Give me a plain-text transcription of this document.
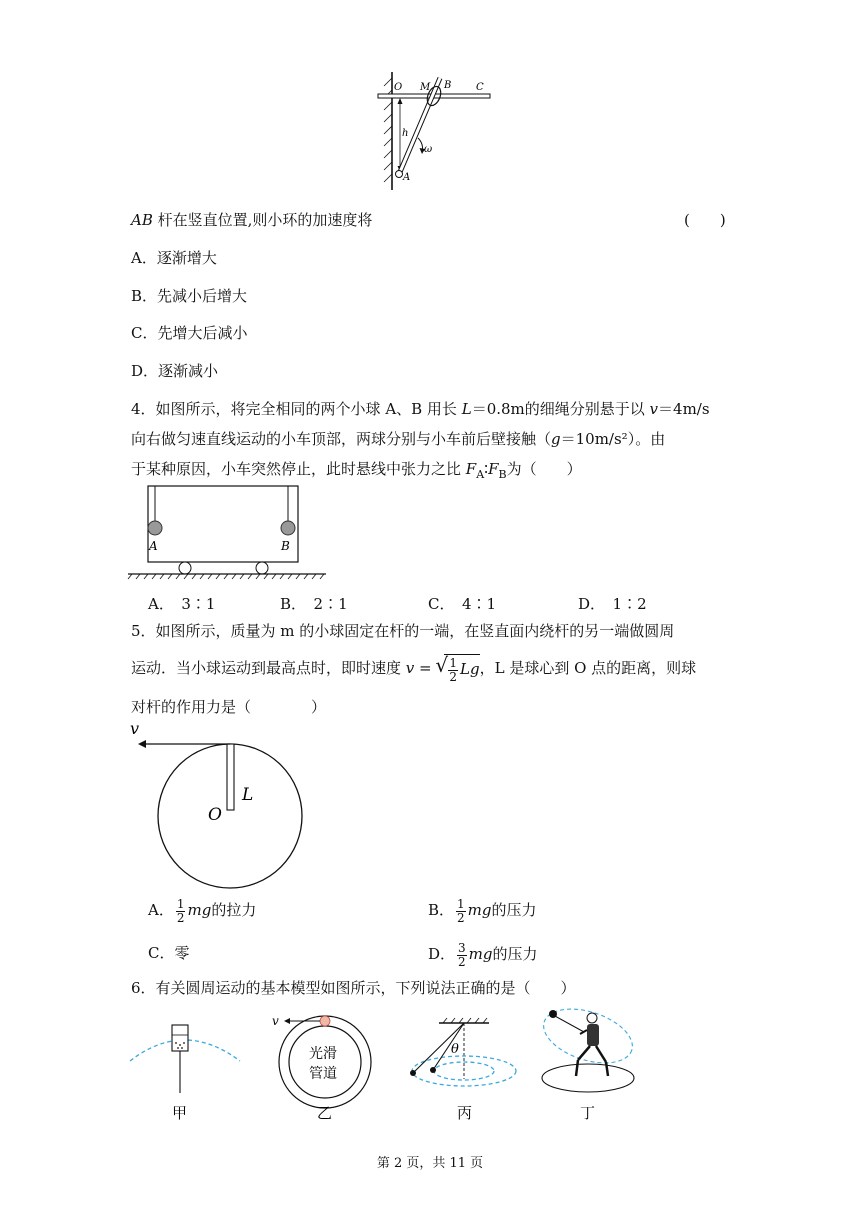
O M B C
h
ω
A
AB 杆在竖直位置,则小环的加速度将	(　　)
A．逐渐增大
B．先减小后增大
C．先增大后减小
D．逐渐减小
4．如图所示，将完全相同的两个小球 A、B 用长 L＝0.8m的细绳分别悬于以 v＝4m/s
向右做匀速直线运动的小车顶部，两球分别与小车前后壁接触（g＝10m/s²）。由
于某种原因，小车突然停止，此时悬线中张力之比 $F_A∶F_B$为（　　）
A	B
A．　3∶1	B．　2∶1	C．　4∶1	D．　1∶2
5．如图所示，质量为 m 的小球固定在杆的一端，在竖直面内绕杆的另一端做圆周
运动．当小球运动到最高点时，即时速度 v = √ $\frac{1}{2}$ Lg，L 是球心到 O 点的距离，则球
对杆的作用力是（　　　　）
v
L
O
A． $\frac{1}{2}$ mg的拉力	B． $\frac{1}{2}$ mg的压力
C．零	D． $\frac{3}{2}$ mg的压力
6．有关圆周运动的基本模型如图所示，下列说法正确的是（　　）
甲
v
光滑
管道
乙
θ
丙	丁
第 2 页，共 11 页
